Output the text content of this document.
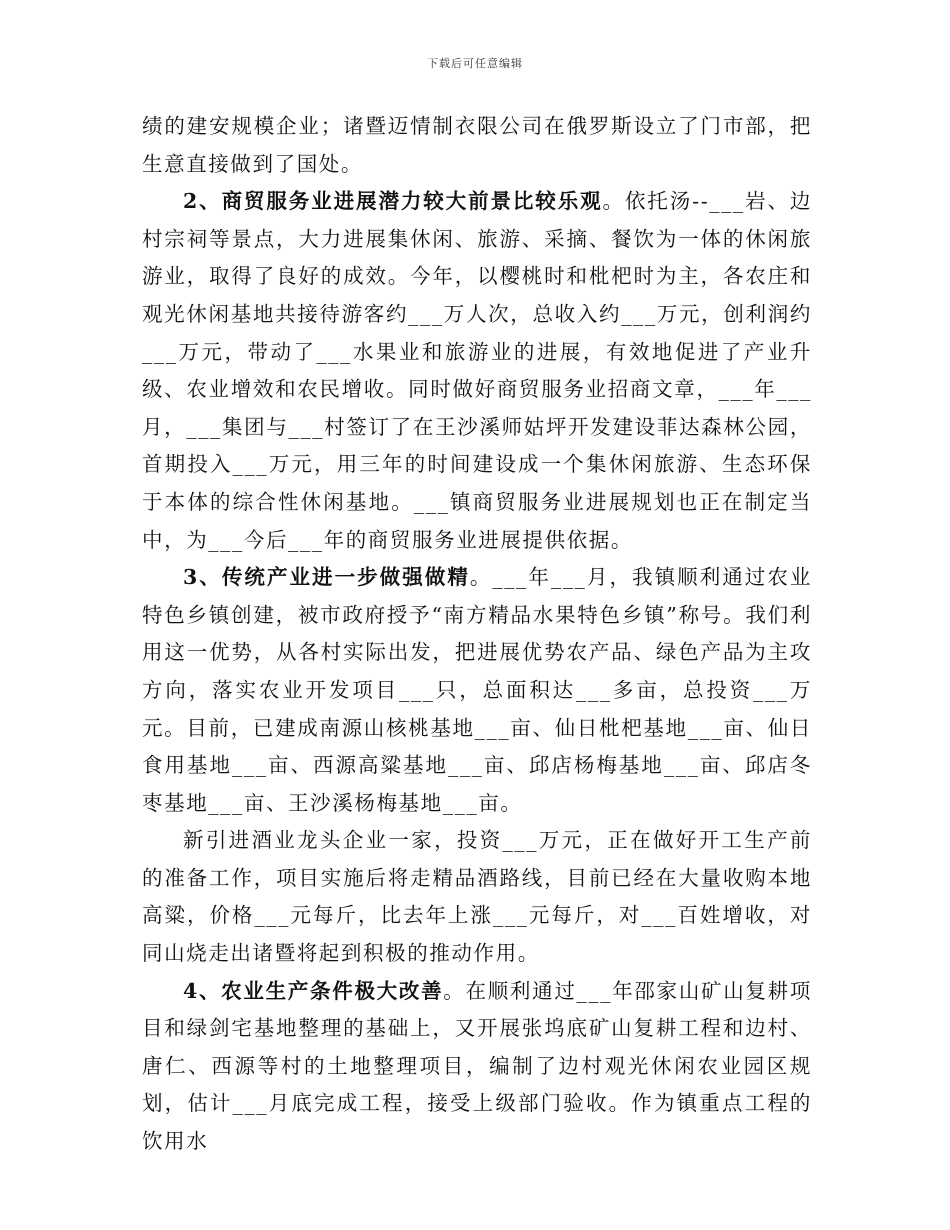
下载后可任意编辑

绩的建安规模企业；诸暨迈情制衣限公司在俄罗斯设立了门市部，把生意直接做到了国处。

2、商贸服务业进展潜力较大前景比较乐观。依托汤--___岩、边村宗祠等景点，大力进展集休闲、旅游、采摘、餐饮为一体的休闲旅游业，取得了良好的成效。今年，以樱桃时和枇杷时为主，各农庄和观光休闲基地共接待游客约___万人次，总收入约___万元，创利润约___万元，带动了___水果业和旅游业的进展，有效地促进了产业升级、农业增效和农民增收。同时做好商贸服务业招商文章，___年___月，___集团与___村签订了在王沙溪师姑坪开发建设菲达森林公园，首期投入___万元，用三年的时间建设成一个集休闲旅游、生态环保于本体的综合性休闲基地。___镇商贸服务业进展规划也正在制定当中，为___今后___年的商贸服务业进展提供依据。

3、传统产业进一步做强做精。___年___月，我镇顺利通过农业特色乡镇创建，被市政府授予“南方精品水果特色乡镇”称号。我们利用这一优势，从各村实际出发，把进展优势农产品、绿色产品为主攻方向，落实农业开发项目___只，总面积达___多亩，总投资___万元。目前，已建成南源山核桃基地___亩、仙日枇杷基地___亩、仙日食用基地___亩、西源高粱基地___亩、邱店杨梅基地___亩、邱店冬枣基地___亩、王沙溪杨梅基地___亩。

新引进酒业龙头企业一家，投资___万元，正在做好开工生产前的准备工作，项目实施后将走精品酒路线，目前已经在大量收购本地高粱，价格___元每斤，比去年上涨___元每斤，对___百姓增收，对同山烧走出诸暨将起到积极的推动作用。

4、农业生产条件极大改善。在顺利通过___年邵家山矿山复耕项目和绿剑宅基地整理的基础上，又开展张坞底矿山复耕工程和边村、唐仁、西源等村的土地整理项目，编制了边村观光休闲农业园区规划，估计___月底完成工程，接受上级部门验收。作为镇重点工程的饮用水
